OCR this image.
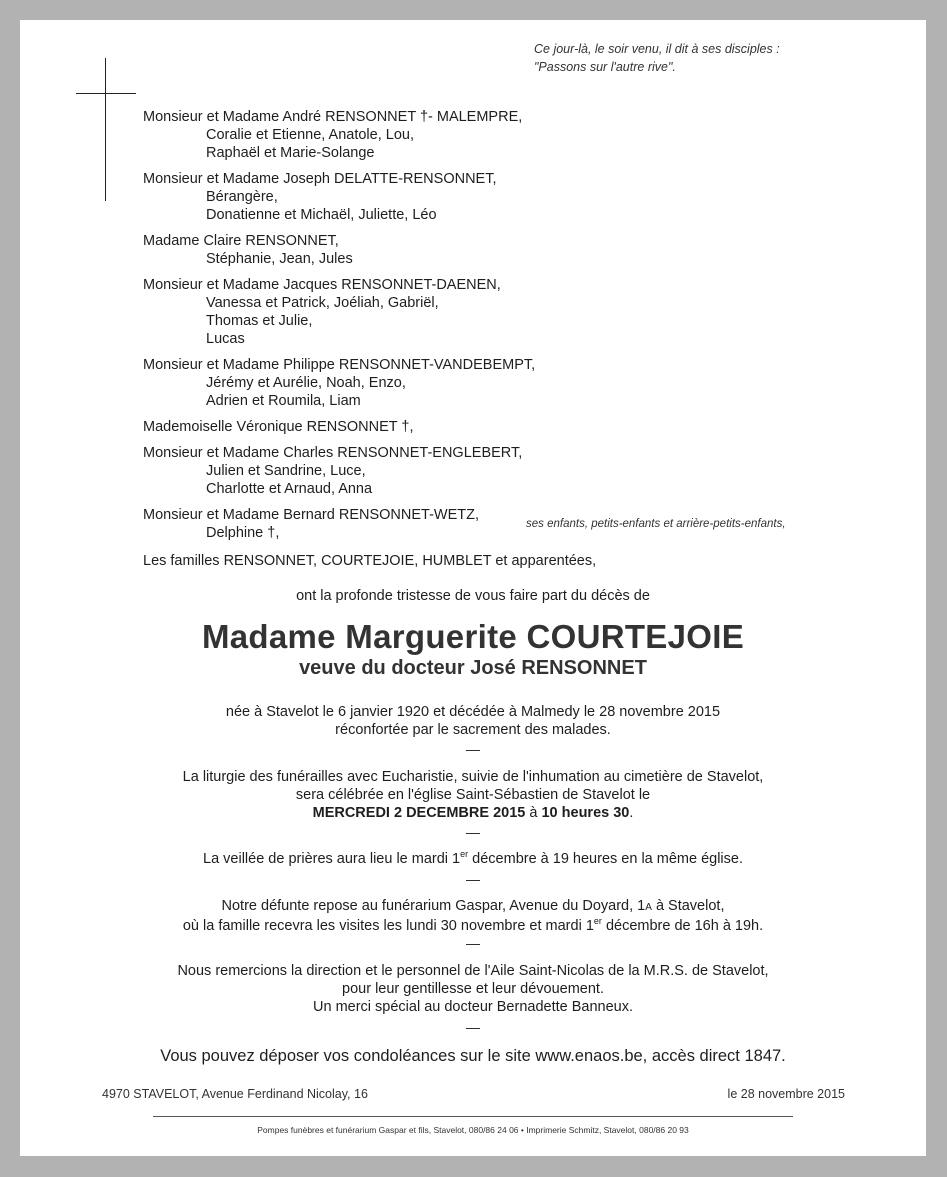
Ce jour-là, le soir venu, il dit à ses disciples :
"Passons sur l'autre rive".
Monsieur et Madame André RENSONNET †- MALEMPRE,
Coralie et Etienne, Anatole, Lou,
Raphaël et Marie-Solange
Monsieur et Madame Joseph DELATTE-RENSONNET,
Bérangère,
Donatienne et Michaël, Juliette, Léo
Madame Claire RENSONNET,
Stéphanie, Jean, Jules
Monsieur et Madame Jacques RENSONNET-DAENEN,
Vanessa et Patrick, Joéliah, Gabriël,
Thomas et Julie,
Lucas
Monsieur et Madame Philippe RENSONNET-VANDEBEMPT,
Jérémy et Aurélie, Noah, Enzo,
Adrien et Roumila, Liam
Mademoiselle Véronique RENSONNET †,
Monsieur et Madame Charles RENSONNET-ENGLEBERT,
Julien et Sandrine, Luce,
Charlotte et Arnaud, Anna
Monsieur et Madame Bernard RENSONNET-WETZ,
Delphine †,
ses enfants, petits-enfants et arrière-petits-enfants,
Les familles RENSONNET, COURTEJOIE, HUMBLET et apparentées,
ont la profonde tristesse de vous faire part du décès de
Madame Marguerite COURTEJOIE
veuve du docteur José RENSONNET
née à Stavelot le 6 janvier 1920 et décédée à Malmedy le 28 novembre 2015
réconfortée par le sacrement des malades.
—
La liturgie des funérailles avec Eucharistie, suivie de l'inhumation au cimetière de Stavelot,
sera célébrée en l'église Saint-Sébastien de Stavelot le
MERCREDI 2 DECEMBRE 2015 à 10 heures 30.
—
La veillée de prières aura lieu le mardi 1er décembre à 19 heures en la même église.
—
Notre défunte repose au funérarium Gaspar, Avenue du Doyard, 1A à Stavelot,
où la famille recevra les visites les lundi 30 novembre et mardi 1er décembre de 16h à 19h.
—
Nous remercions la direction et le personnel de l'Aile Saint-Nicolas de la M.R.S. de Stavelot,
pour leur gentillesse et leur dévouement.
Un merci spécial au docteur Bernadette Banneux.
—
Vous pouvez déposer vos condoléances sur le site www.enaos.be, accès direct 1847.
4970 STAVELOT, Avenue Ferdinand Nicolay, 16	le 28 novembre 2015
Pompes funèbres et funérarium Gaspar et fils, Stavelot, 080/86 24 06 • Imprimerie Schmitz, Stavelot, 080/86 20 93
